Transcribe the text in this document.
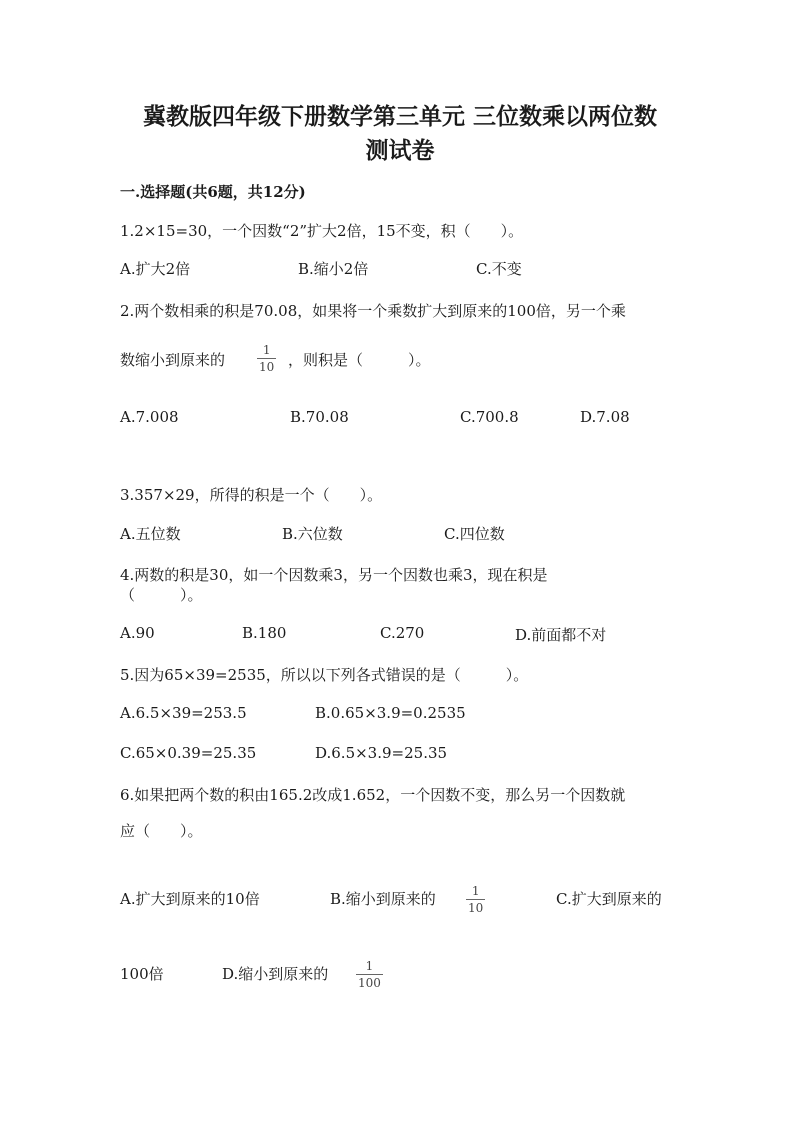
冀教版四年级下册数学第三单元 三位数乘以两位数
测试卷
一.选择题(共6题，共12分)
1.2×15=30，一个因数“2”扩大2倍，15不变，积（　　）。
A.扩大2倍	B.缩小2倍	C.不变
2.两个数相乘的积是70.08，如果将一个乘数扩大到原来的100倍，另一个乘
数缩小到原来的
1
10 ，则积是（　　　）。
A.7.008	B.70.08	C.700.8	D.7.08
3.357×29，所得的积是一个（　　）。
A.五位数	B.六位数	C.四位数
4.两数的积是30，如一个因数乘3，另一个因数也乘3，现在积是
（　　　）。
A.90	B.180	C.270	D.前面都不对
5.因为65×39=2535，所以以下列各式错误的是（　　　）。
A.6.5×39=253.5	B.0.65×3.9=0.2535
C.65×0.39=25.35	D.6.5×3.9=25.35
6.如果把两个数的积由165.2改成1.652，一个因数不变，那么另一个因数就
应（　　）。
A.扩大到原来的10倍	B.缩小到原来的	1
10	C.扩大到原来的
100倍	D.缩小到原来的	1
100
